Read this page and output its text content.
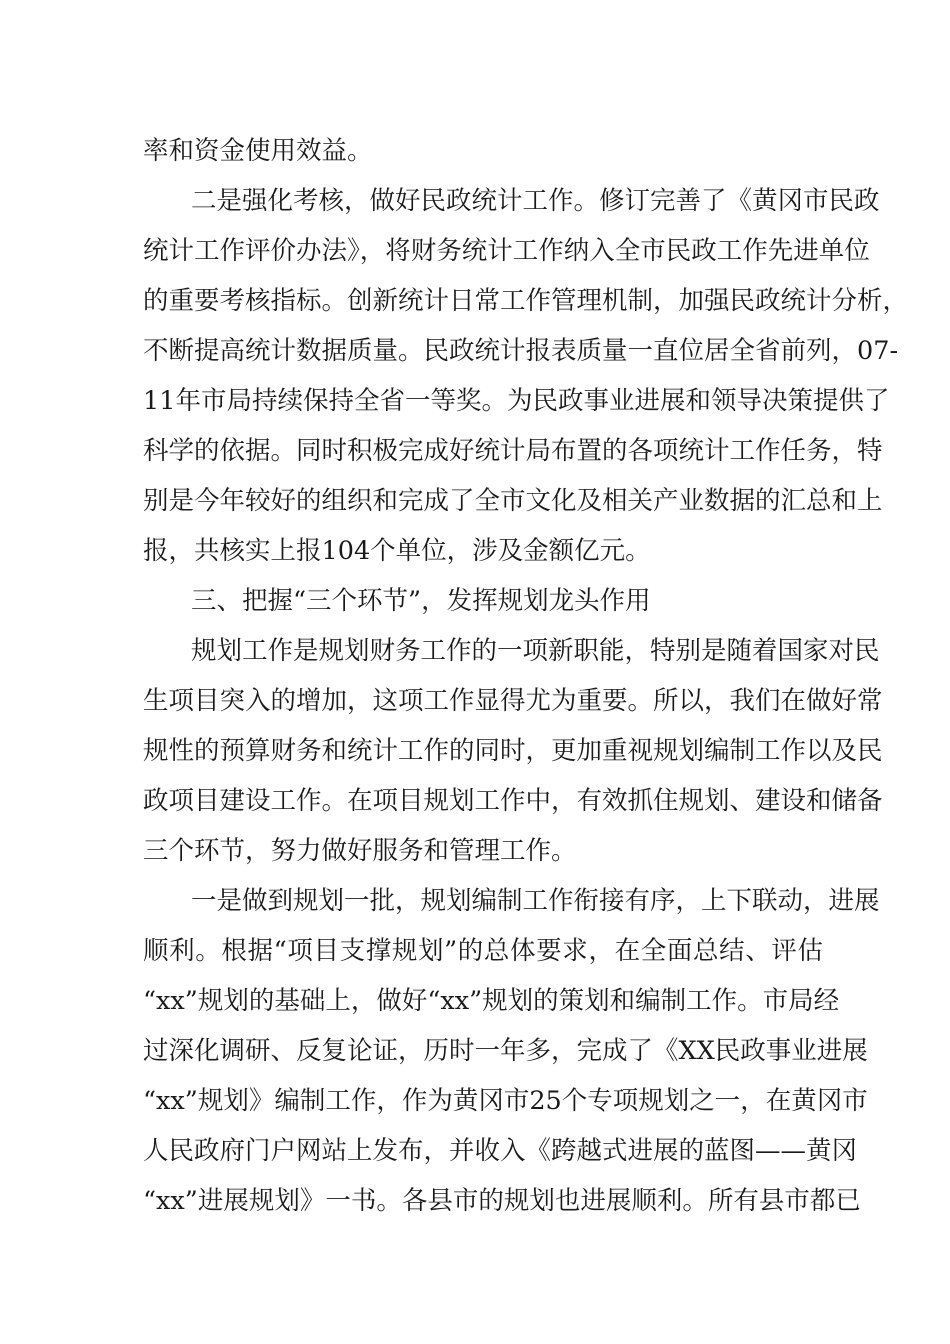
率和资金使用效益。
二是强化考核，做好民政统计工作。修订完善了《黄冈市民政
统计工作评价办法》，将财务统计工作纳入全市民政工作先进单位
的重要考核指标。创新统计日常工作管理机制，加强民政统计分析，
不断提高统计数据质量。民政统计报表质量一直位居全省前列，07-
11年市局持续保持全省一等奖。为民政事业进展和领导决策提供了
科学的依据。同时积极完成好统计局布置的各项统计工作任务，特
别是今年较好的组织和完成了全市文化及相关产业数据的汇总和上
报，共核实上报104个单位，涉及金额亿元。
三、把握“三个环节”，发挥规划龙头作用
规划工作是规划财务工作的一项新职能，特别是随着国家对民
生项目突入的增加，这项工作显得尤为重要。所以，我们在做好常
规性的预算财务和统计工作的同时，更加重视规划编制工作以及民
政项目建设工作。在项目规划工作中，有效抓住规划、建设和储备
三个环节，努力做好服务和管理工作。
一是做到规划一批，规划编制工作衔接有序，上下联动，进展
顺利。根据“项目支撑规划”的总体要求，在全面总结、评估
“xx”规划的基础上，做好“xx”规划的策划和编制工作。市局经
过深化调研、反复论证，历时一年多，完成了《XX民政事业进展
“xx”规划》编制工作，作为黄冈市25个专项规划之一，在黄冈市
人民政府门户网站上发布，并收入《跨越式进展的蓝图——黄冈
“xx”进展规划》一书。各县市的规划也进展顺利。所有县市都已
